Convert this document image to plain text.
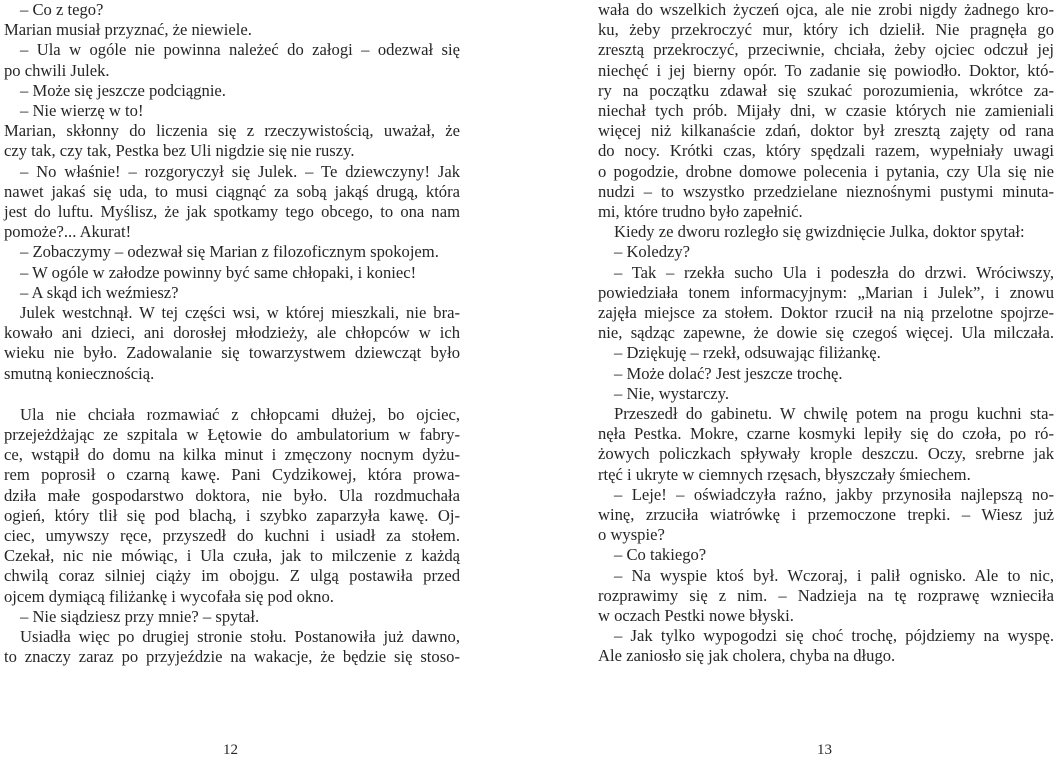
12

– Co z tego?

Marian musiał przyznać, że niewiele.

– Ula w ogóle nie powinna należeć do załogi – odezwał się

po chwili Julek.

– Może się jeszcze podciągnie.

– Nie wierzę w to!

Marian, skłonny do liczenia się z rzeczywistością, uważał, że

czy tak, czy tak, Pestka bez Uli nigdzie się nie ruszy.

– No właśnie! – rozgoryczył się Julek. – Te dziewczyny! Jak

nawet jakaś się uda, to musi ciągnąć za sobą jakąś drugą, która

jest do luftu. Myślisz, że jak spotkamy tego obcego, to ona nam

pomoże?... Akurat!

– Zobaczymy – odezwał się Marian z filozoficznym spokojem.

– W ogóle w załodze powinny być same chłopaki, i koniec!

– A skąd ich weźmiesz?

Julek westchnął. W tej części wsi, w której mieszkali, nie bra-

kowało ani dzieci, ani dorosłej młodzieży, ale chłopców w ich

wieku nie było. Zadowalanie się towarzystwem dziewcząt było

smutną koniecznością.

Ula nie chciała rozmawiać z chłopcami dłużej, bo ojciec,

przejeżdżając ze szpitala w Łętowie do ambulatorium w fabry-

ce, wstąpił do domu na kilka minut i zmęczony nocnym dyżu-

rem poprosił o czarną kawę. Pani Cydzikowej, która prowa-

dziła małe gospodarstwo doktora, nie było. Ula rozdmuchała

ogień, który tlił się pod blachą, i szybko zaparzyła kawę. Oj-

ciec, umywszy ręce, przyszedł do kuchni i usiadł za stołem.

Czekał, nic nie mówiąc, i Ula czuła, jak to milczenie z każdą

chwilą coraz silniej ciąży im obojgu. Z ulgą postawiła przed

ojcem dymiącą filiżankę i wycofała się pod okno.

– Nie siądziesz przy mnie? – spytał.

Usiadła więc po drugiej stronie stołu. Postanowiła już dawno,

to znaczy zaraz po przyjeździe na wakacje, że będzie się stoso-

13

wała do wszelkich życzeń ojca, ale nie zrobi nigdy żadnego kro-

ku, żeby przekroczyć mur, który ich dzielił. Nie pragnęła go

zresztą przekroczyć, przeciwnie, chciała, żeby ojciec odczuł jej

niechęć i jej bierny opór. To zadanie się powiodło. Doktor, któ-

ry na początku zdawał się szukać porozumienia, wkrótce za-

niechał tych prób. Mijały dni, w czasie których nie zamieniali

więcej niż kilkanaście zdań, doktor był zresztą zajęty od rana

do nocy. Krótki czas, który spędzali razem, wypełniały uwagi

o pogodzie, drobne domowe polecenia i pytania, czy Ula się nie

nudzi – to wszystko przedzielane nieznośnymi pustymi minuta-

mi, które trudno było zapełnić.

Kiedy ze dworu rozległo się gwizdnięcie Julka, doktor spytał:

– Koledzy?

– Tak – rzekła sucho Ula i podeszła do drzwi. Wróciwszy,

powiedziała tonem informacyjnym: „Marian i Julek”, i znowu

zajęła miejsce za stołem. Doktor rzucił na nią przelotne spojrze-

nie, sądząc zapewne, że dowie się czegoś więcej. Ula milczała.

– Dziękuję – rzekł, odsuwając filiżankę.

– Może dolać? Jest jeszcze trochę.

– Nie, wystarczy.

Przeszedł do gabinetu. W chwilę potem na progu kuchni sta-

nęła Pestka. Mokre, czarne kosmyki lepiły się do czoła, po ró-

żowych policzkach spływały krople deszczu. Oczy, srebrne jak

rtęć i ukryte w ciemnych rzęsach, błyszczały śmiechem.

– Leje! – oświadczyła raźno, jakby przynosiła najlepszą no-

winę, zrzuciła wiatrówkę i przemoczone trepki. – Wiesz już

o wyspie?

– Co takiego?

– Na wyspie ktoś był. Wczoraj, i palił ognisko. Ale to nic,

rozprawimy się z nim. – Nadzieja na tę rozprawę wznieciła

w oczach Pestki nowe błyski.

– Jak tylko wypogodzi się choć trochę, pójdziemy na wyspę.

Ale zaniosło się jak cholera, chyba na długo.
